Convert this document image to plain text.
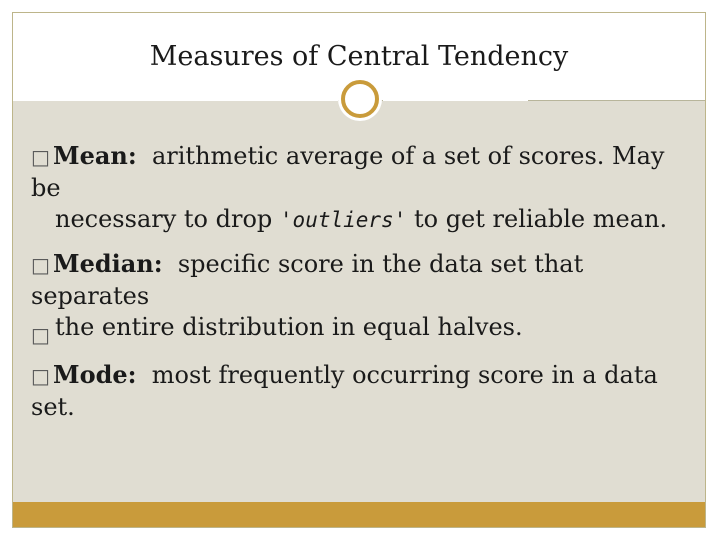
Measures of Central Tendency
□ Mean: arithmetic average of a set of scores. May be
necessary to drop 'outliers' to get reliable mean.
□ Median: specific score in the data set that separates
the entire distribution in equal halves.
□
□ Mode: most frequently occurring score in a data set.
